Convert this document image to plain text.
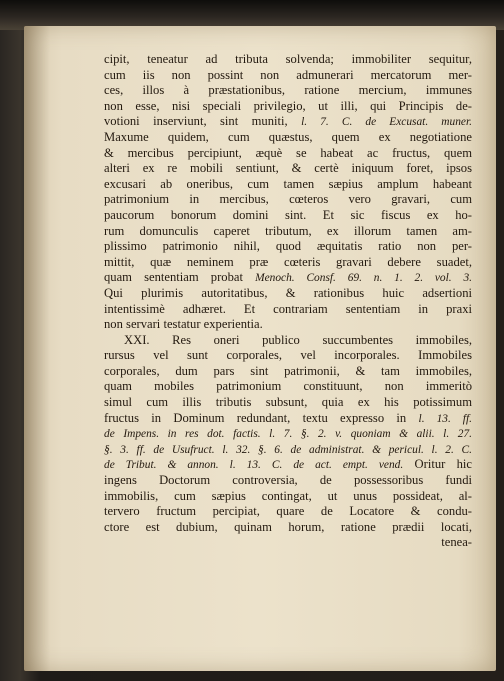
cipit, teneatur ad tributa solvenda; immobiliter sequitur,
cum iis non possint non admunerari mercatorum mer-
ces, illos à præstationibus, ratione mercium, immunes
non esse, nisi speciali privilegio, ut illi, qui Principis de-
votioni inserviunt, sint muniti, l. 7. C. de Excusat. muner.
Maxume quidem, cum quæstus, quem ex negotiatione
& mercibus percipiunt, æquè se habeat ac fructus, quem
alteri ex re mobili sentiunt, & certè iniquum foret, ipsos
excusari ab oneribus, cum tamen sæpius amplum habeant
patrimonium in mercibus, cœteros vero gravari, cum
paucorum bonorum domini sint. Et sic fiscus ex ho-
rum domunculis caperet tributum, ex illorum tamen am-
plissimo patrimonio nihil, quod æquitatis ratio non per-
mittit, quæ neminem præ cœteris gravari debere suadet,
quam sententiam probat Menoch. Consf. 69. n. 1. 2. vol. 3.
Qui plurimis autoritatibus, & rationibus huic adsertioni
intentissimè adhæret. Et contrariam sententiam in praxi
non servari testatur experientia.
XXI. Res oneri publico succumbentes immobiles,
rursus vel sunt corporales, vel incorporales. Immobiles
corporales, dum pars sint patrimonii, & tam immobiles,
quam mobiles patrimonium constituunt, non immeritò
simul cum illis tributis subsunt, quia ex his potissimum
fructus in Dominum redundant, textu expresso in l. 13. ff.
de Impens. in res dot. factis. l. 7. §. 2. v. quoniam & alii. l. 27.
§. 3. ff. de Usufruct. l. 32. §. 6. de administrat. & pericul. l. 2. C.
de Tribut. & annon. l. 13. C. de act. empt. vend. Oritur hic
ingens Doctorum controversia, de possessoribus fundi
immobilis, cum sæpius contingat, ut unus possideat, al-
tervero fructum percipiat, quare de Locatore & condu-
ctore est dubium, quinam horum, ratione prædii locati,
tenea-
